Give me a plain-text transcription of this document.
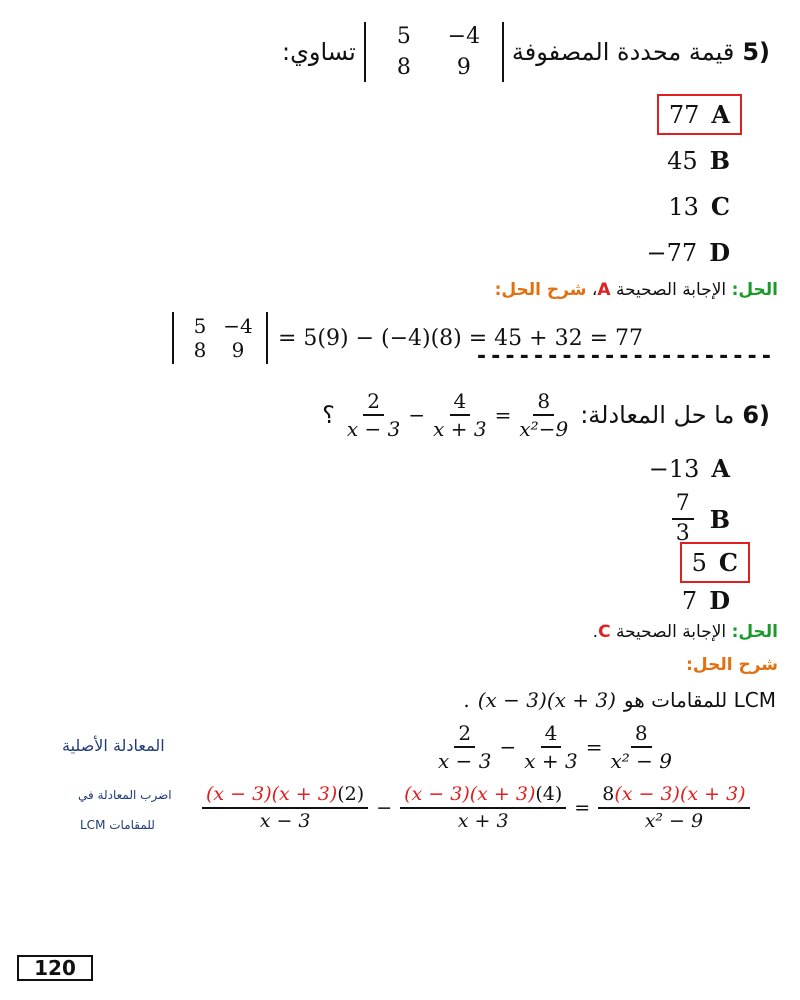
5)
قيمة محددة المصفوفة
5	−4
8	9
تساوي:
77 A
45 B
13 C
−77 D
الحل: الإجابة الصحيحة A، شرح الحل:
5 −4
8	9	= 5(9) − (−4)(8) = 45 + 32 = 77
---------------------
6)
ما حل المعادلة:
$\frac{2}{x - 3} - \frac{4}{x + 3} = \frac{8}{\text{x²−9}}$
؟
−13 A
$\frac{7}{3}$ B
5 C
7 D
الحل: الإجابة الصحيحة C.
شرح الحل:
LCM للمقامات هو
(x − 3)(x + 3)
.
المعادلة الأصلية	$\frac{2}{x - 3} - \frac{4}{x + 3} = \frac{8}{\text{x² − 9}}$
اضرب المعادلة في
LCM للمقامات $\frac{(x - 3)(x + 3)(2)}{x - 3} - \frac{(x - 3)(x + 3)(4)}{x + 3} = \frac{8(x - 3)(x + 3)}{\text{x² − 9}}$
120
